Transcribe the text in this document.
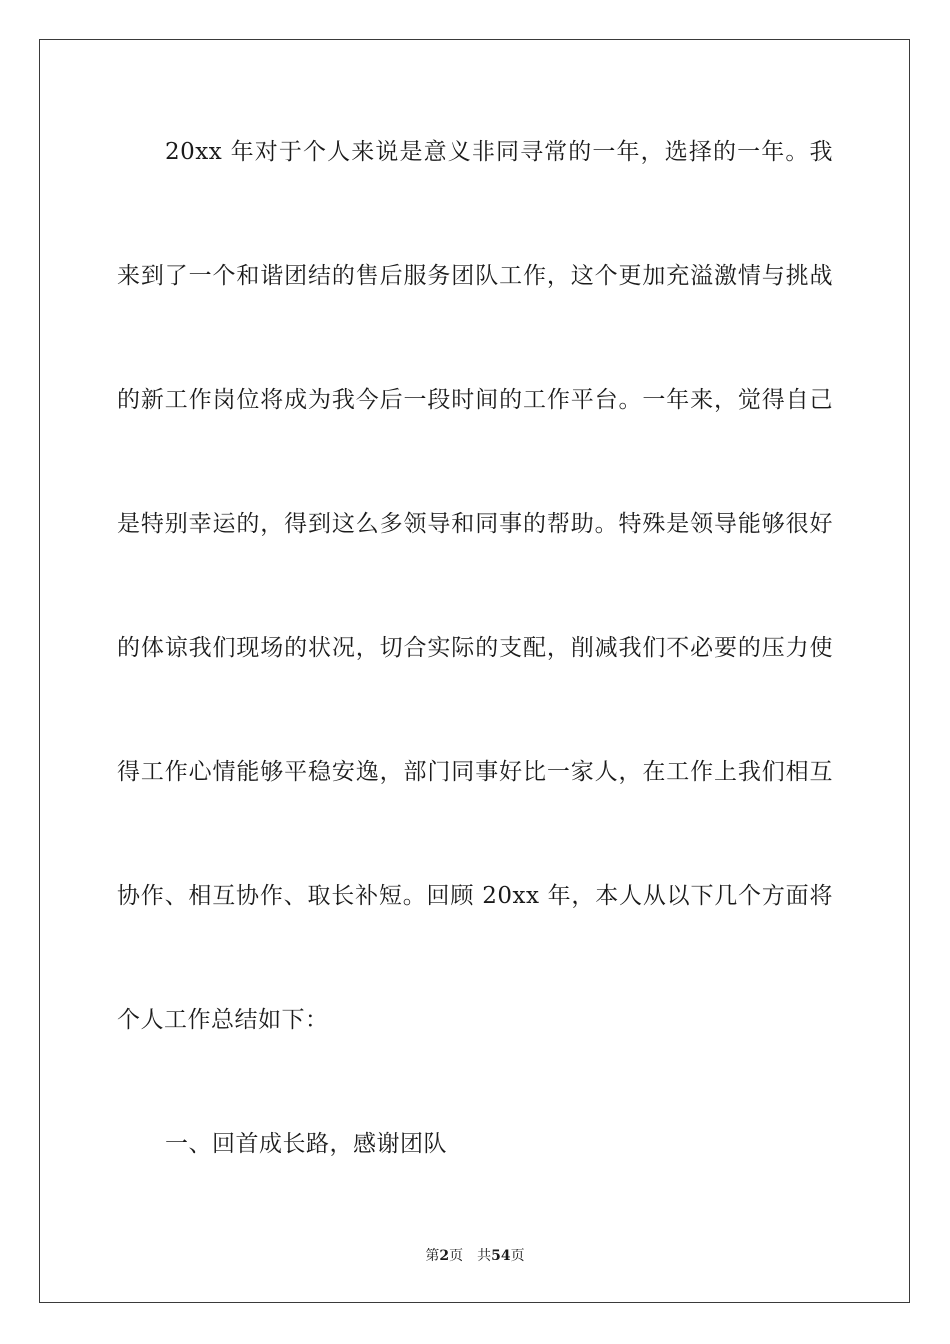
20xx 年对于个人来说是意义非同寻常的一年，选择的一年。我
来到了一个和谐团结的售后服务团队工作，这个更加充溢激情与挑战
的新工作岗位将成为我今后一段时间的工作平台。一年来，觉得自己
是特别幸运的，得到这么多领导和同事的帮助。特殊是领导能够很好
的体谅我们现场的状况，切合实际的支配，削减我们不必要的压力使
得工作心情能够平稳安逸，部门同事好比一家人，在工作上我们相互
协作、相互协作、取长补短。回顾 20xx 年，本人从以下几个方面将
个人工作总结如下：
一、回首成长路，感谢团队
第2页 共54页
